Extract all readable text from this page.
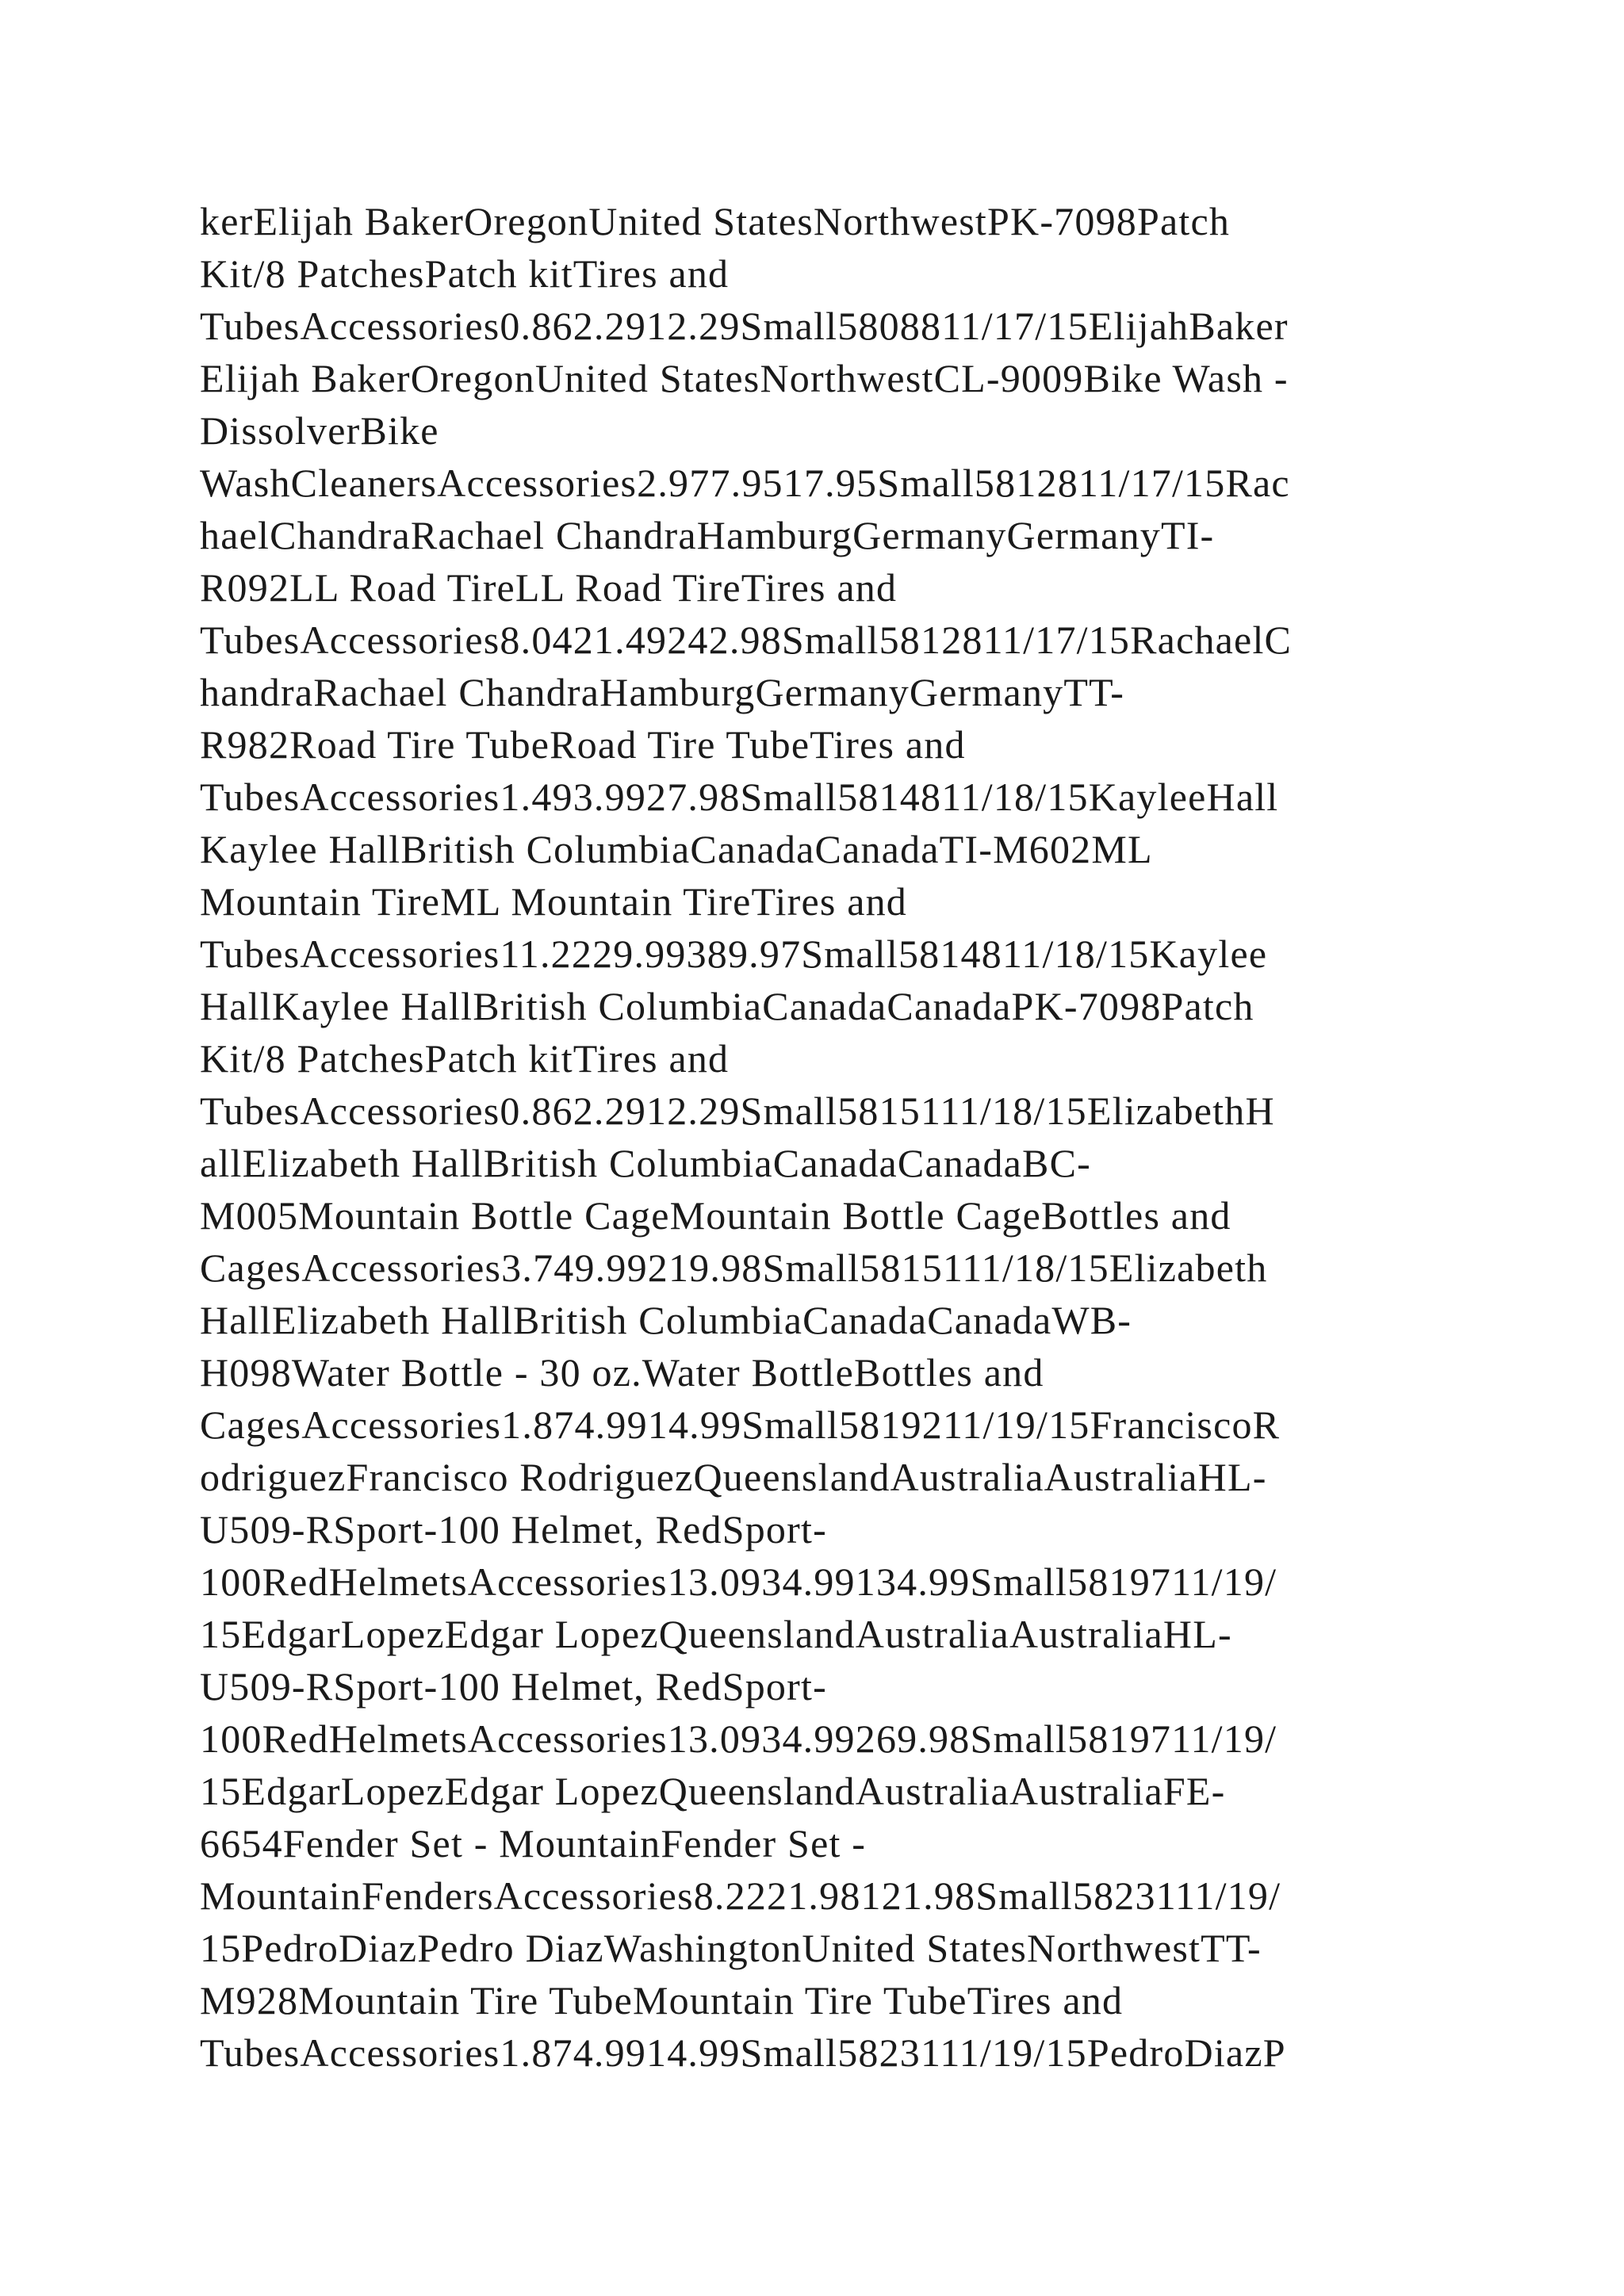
kerElijah BakerOregonUnited StatesNorthwestPK-7098Patch
Kit/8 PatchesPatch kitTires and
TubesAccessories0.862.2912.29Small5808811/17/15ElijahBaker
Elijah BakerOregonUnited StatesNorthwestCL-9009Bike Wash -
DissolverBike
WashCleanersAccessories2.977.9517.95Small5812811/17/15Rac
haelChandraRachael ChandraHamburgGermanyGermanyTI-
R092LL Road TireLL Road TireTires and
TubesAccessories8.0421.49242.98Small5812811/17/15RachaelC
handraRachael ChandraHamburgGermanyGermanyTT-
R982Road Tire TubeRoad Tire TubeTires and
TubesAccessories1.493.9927.98Small5814811/18/15KayleeHall
Kaylee HallBritish ColumbiaCanadaCanadaTI-M602ML
Mountain TireML Mountain TireTires and
TubesAccessories11.2229.99389.97Small5814811/18/15Kaylee
HallKaylee HallBritish ColumbiaCanadaCanadaPK-7098Patch
Kit/8 PatchesPatch kitTires and
TubesAccessories0.862.2912.29Small5815111/18/15ElizabethH
allElizabeth HallBritish ColumbiaCanadaCanadaBC-
M005Mountain Bottle CageMountain Bottle CageBottles and
CagesAccessories3.749.99219.98Small5815111/18/15Elizabeth
HallElizabeth HallBritish ColumbiaCanadaCanadaWB-
H098Water Bottle - 30 oz.Water BottleBottles and
CagesAccessories1.874.9914.99Small5819211/19/15FranciscoR
odriguezFrancisco RodriguezQueenslandAustraliaAustraliaHL-
U509-RSport-100 Helmet, RedSport-
100RedHelmetsAccessories13.0934.99134.99Small5819711/19/
15EdgarLopezEdgar LopezQueenslandAustraliaAustraliaHL-
U509-RSport-100 Helmet, RedSport-
100RedHelmetsAccessories13.0934.99269.98Small5819711/19/
15EdgarLopezEdgar LopezQueenslandAustraliaAustraliaFE-
6654Fender Set - MountainFender Set -
MountainFendersAccessories8.2221.98121.98Small5823111/19/
15PedroDiazPedro DiazWashingtonUnited StatesNorthwestTT-
M928Mountain Tire TubeMountain Tire TubeTires and
TubesAccessories1.874.9914.99Small5823111/19/15PedroDiazP
